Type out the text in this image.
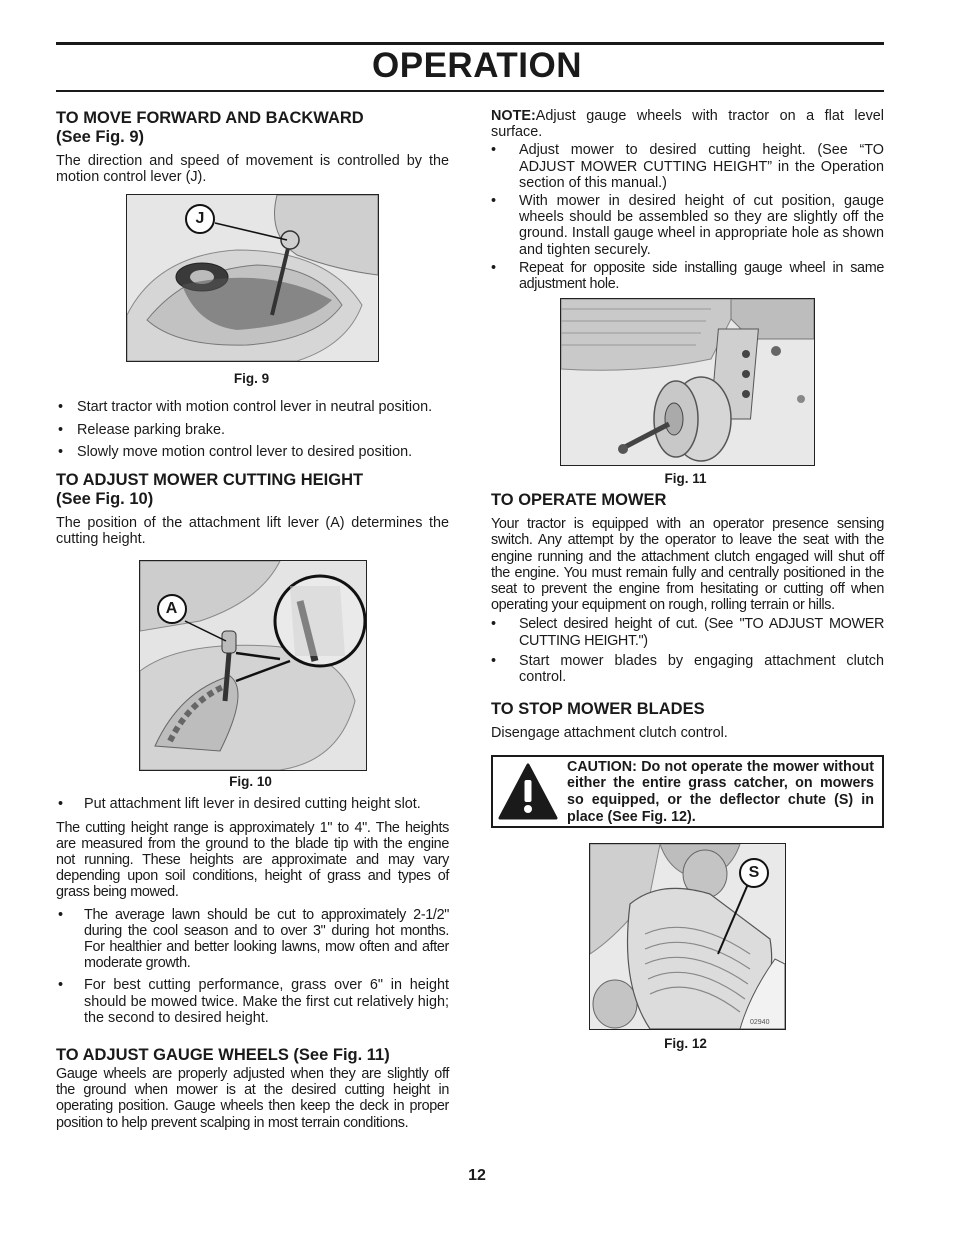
OPERATION
TO MOVE FORWARD AND BACKWARD
(See Fig. 9)

The direction and speed of movement is controlled by the motion control lever (J).

J
Fig. 9
• Start tractor with motion control lever in neutral position.
• Release parking brake.
• Slowly move motion control lever to desired position.
TO ADJUST MOWER CUTTING HEIGHT
(See Fig. 10)

The position of the attachment lift lever (A) determines the cutting height.

A
Fig. 10
• Put attachment lift lever in desired cutting height slot.

The cutting height range is approximately 1" to 4". The heights are measured from the ground to the blade tip with the engine not running. These heights are approximate and may vary depending upon soil conditions, height of grass and types of grass being mowed.

• The average lawn should be cut to approximately 2-1/2" during the cool season and to over 3" during hot months. For healthier and better looking lawns, mow often and after moderate growth.
• For best cutting performance, grass over 6" in height should be mowed twice. Make the first cut relatively high; the second to desired height.
TO ADJUST GAUGE WHEELS (See Fig. 11)

Gauge wheels are properly adjusted when they are slightly off the ground when mower is at the desired cutting height in operating position. Gauge wheels then keep the deck in proper position to help prevent scalping in most terrain conditions.

NOTE:Adjust gauge wheels with tractor on a flat level surface.

• Adjust mower to desired cutting height. (See “TO ADJUST MOWER CUTTING HEIGHT” in the Operation section of this manual.)
• With mower in desired height of cut position, gauge wheels should be assembled so they are slightly off the ground. Install gauge wheel in appropriate hole as shown and tighten securely.
• Repeat for opposite side installing gauge wheel in same adjustment hole.
Fig. 11
TO OPERATE MOWER

Your tractor is equipped with an operator presence sensing switch. Any attempt by the operator to leave the seat with the engine running and the attachment clutch engaged will shut off the engine. You must remain fully and centrally positioned in the seat to prevent the engine from hesitating or cutting off when operating your equipment on rough, rolling terrain or hills.

• Select desired height of cut. (See "TO ADJUST MOWER CUTTING HEIGHT.")
• Start mower blades by engaging attachment clutch control.
TO STOP MOWER BLADES

Disengage attachment clutch control.

CAUTION: Do not operate the mower without either the entire grass catcher, on mowers so equipped, or the deflector chute (S) in place (See Fig. 12).
02940
S
Fig. 12
12
